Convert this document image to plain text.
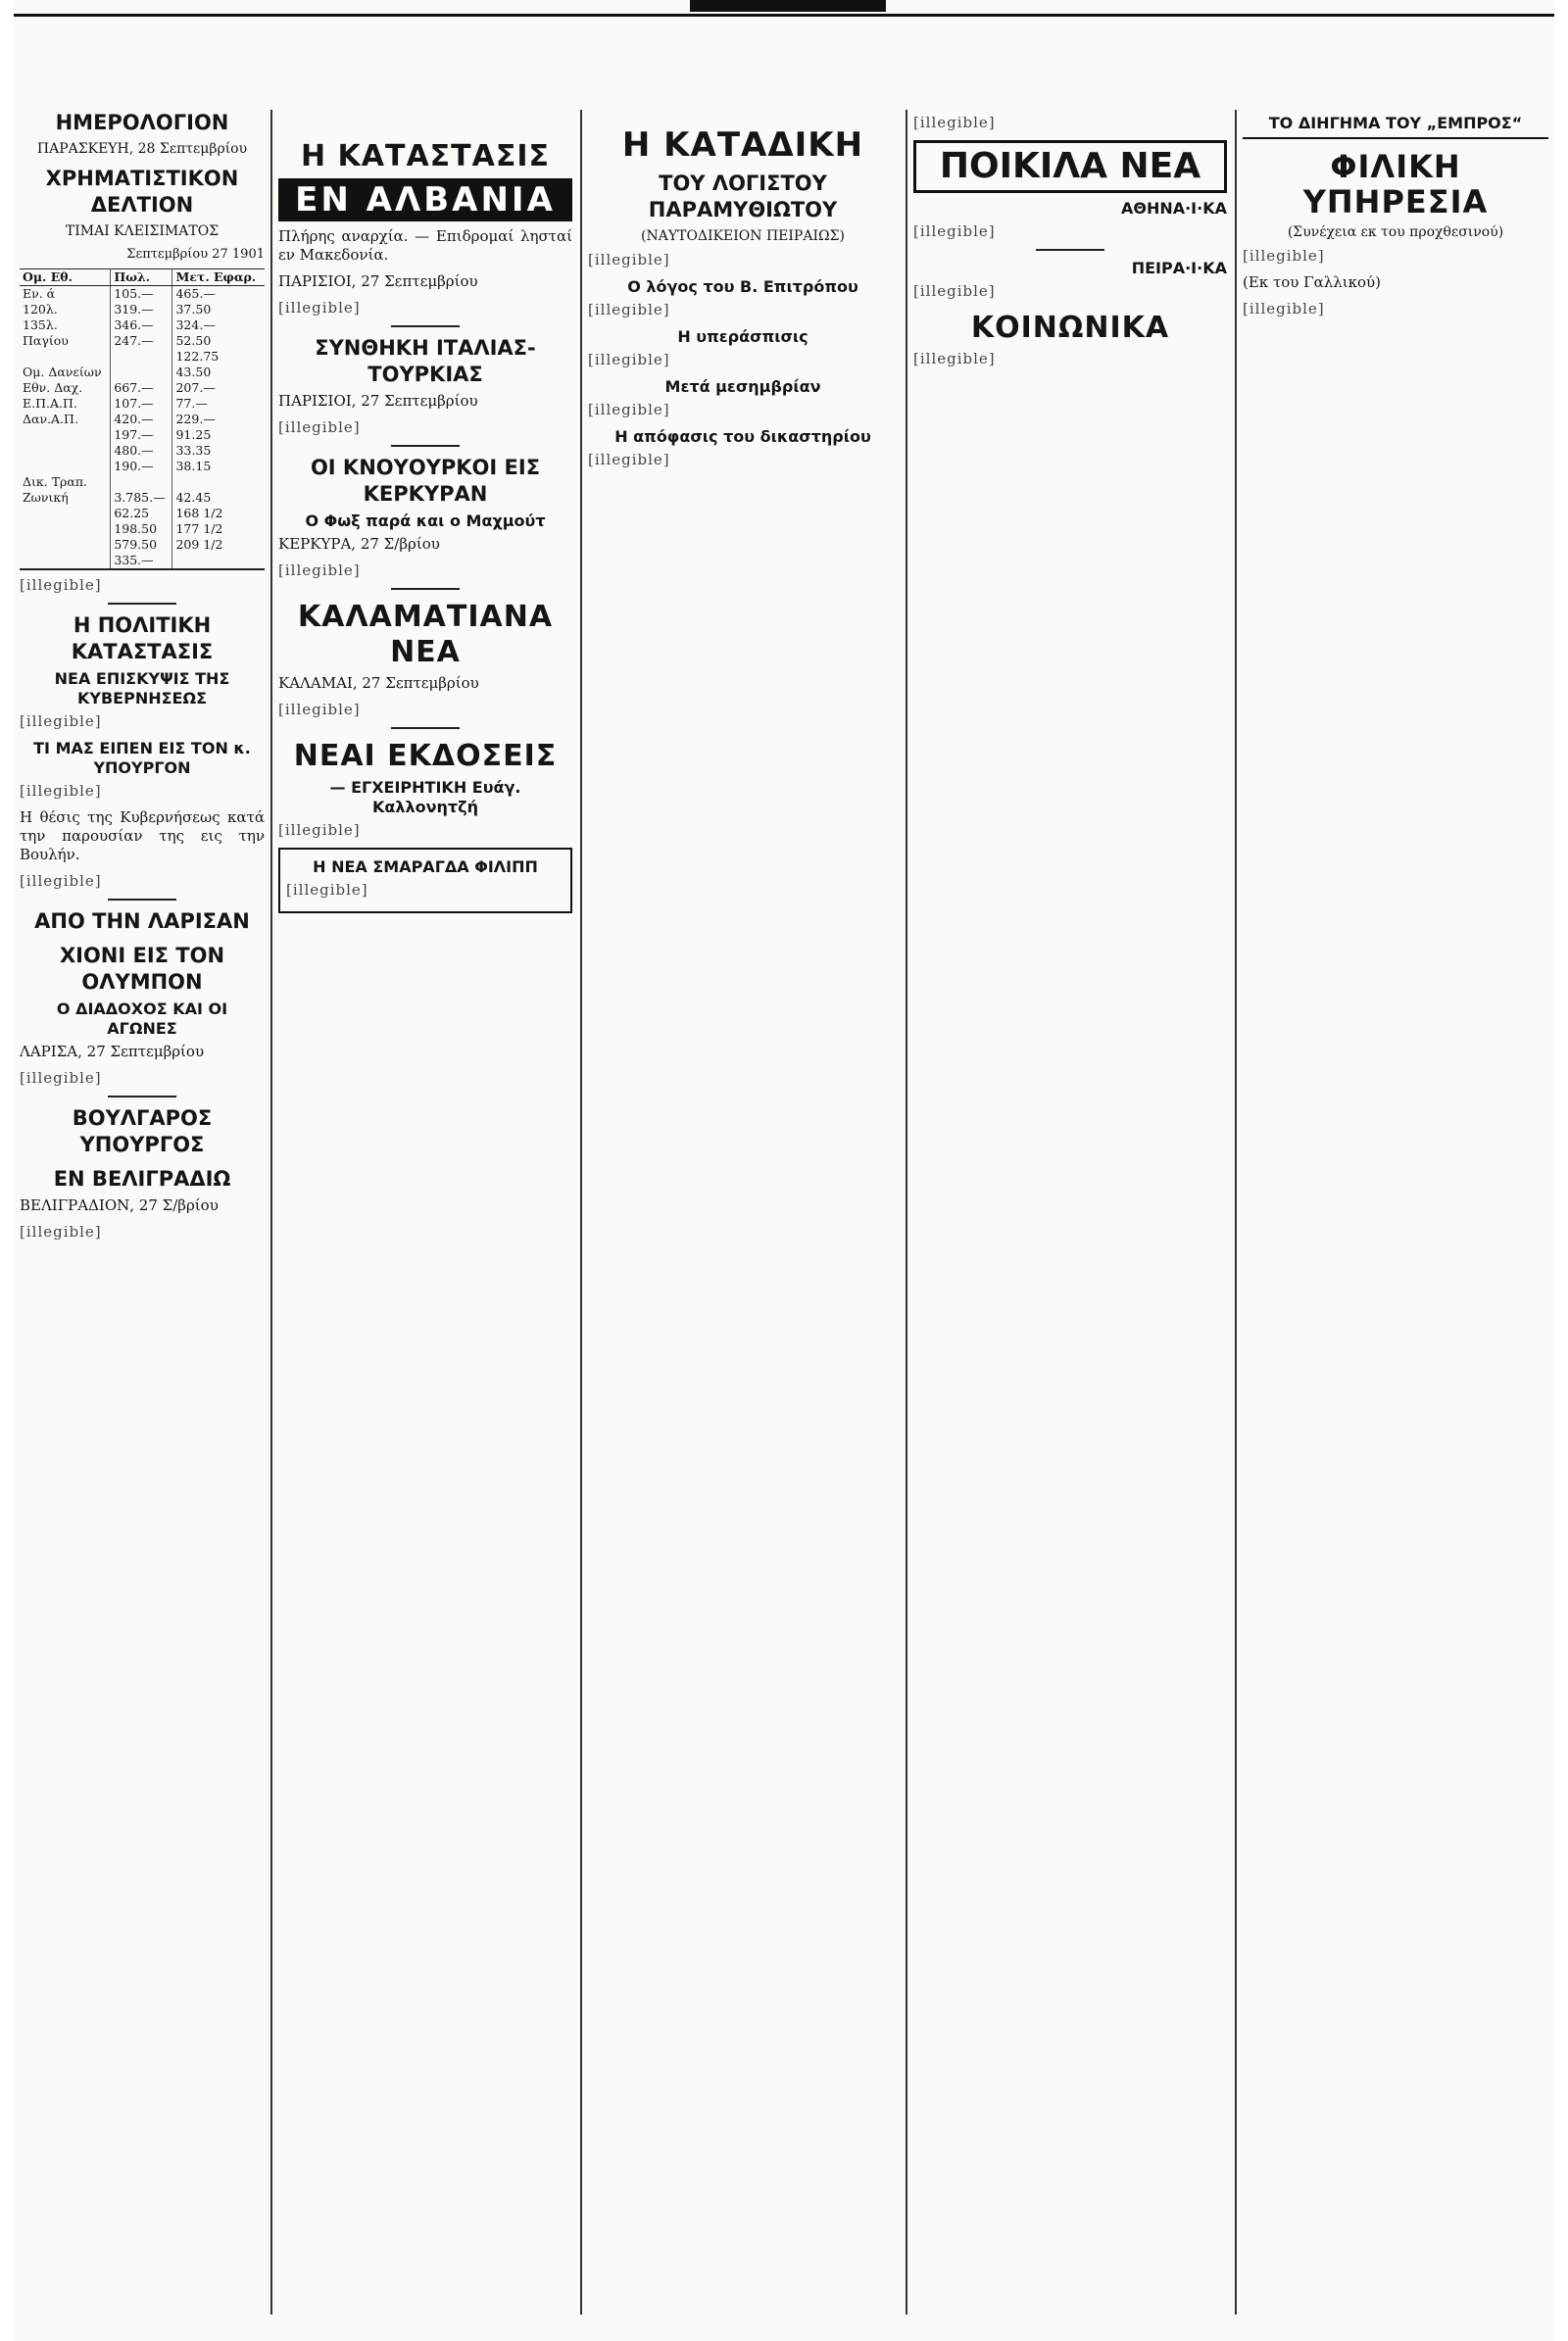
ΗΜΕΡΟΛΟΓΙΟΝ
ΠΑΡΑΣΚΕΥΗ, 28 Σεπτεμβρίου
ΧΡΗΜΑΤΙΣΤΙΚΟΝ ΔΕΛΤΙΟΝ
ΤΙΜΑΙ ΚΛΕΙΣΙΜΑΤΟΣ
Σεπτεμβρίου 27 1901
Ομ. Εθ.	Πωλ.	Μετ. Εφαρ.
Εν. ά	105.—	465.—
120λ.	319.—	37.50
135λ.	346.—	324.—
Παγίου	247.—	52.50
		122.75
Ομ. Δανείων		43.50
Εθν. Δαχ.	667.—	207.—
Ε.Π.Α.Π.	107.—	77.—
Δαν.Α.Π.	420.—	229.—
	197.—	91.25
	480.—	33.35
	190.—	38.15
Δικ. Τραπ.		
Ζωνική	3.785.—	42.45
	62.25	168 1/2
	198.50	177 1/2
	579.50	209 1/2
	335.—	

[illegible]

Η ΠΟΛΙΤΙΚΗ ΚΑΤΑΣΤΑΣΙΣ
ΝΕΑ ΕΠΙΣΚΥΨΙΣ ΤΗΣ ΚΥΒΕΡΝΗΣΕΩΣ

[illegible]

ΤΙ ΜΑΣ ΕΙΠΕΝ ΕΙΣ ΤΟΝ κ. ΥΠΟΥΡΓΟΝ

[illegible]

Η θέσις της Κυβερνήσεως κατά την παρουσίαν της εις την Βουλήν.

[illegible]

ΑΠΟ ΤΗΝ ΛΑΡΙΣΑΝ
ΧΙΟΝΙ ΕΙΣ ΤΟΝ ΟΛΥΜΠΟΝ
Ο ΔΙΑΔΟΧΟΣ ΚΑΙ ΟΙ ΑΓΩΝΕΣ

ΛΑΡΙΣΑ, 27 Σεπτεμβρίου

[illegible]

ΒΟΥΛΓΑΡΟΣ ΥΠΟΥΡΓΟΣ
ΕΝ ΒΕΛΙΓΡΑΔΙΩ

ΒΕΛΙΓΡΑΔΙΟΝ, 27 Σ/βρίου

[illegible]

Η ΚΑΤΑΣΤΑΣΙΣ
ΕΝ ΑΛΒΑΝΙΑ

Πλήρης αναρχία. — Επιδρομαί λησταί εν Μακεδονία.

ΠΑΡΙΣΙΟΙ, 27 Σεπτεμβρίου

[illegible]

ΣΥΝΘΗΚΗ ΙΤΑΛΙΑΣ-ΤΟΥΡΚΙΑΣ

ΠΑΡΙΣΙΟΙ, 27 Σεπτεμβρίου

[illegible]

ΟΙ ΚΝΟΥΟΥΡΚΟΙ ΕΙΣ ΚΕΡΚΥΡΑΝ
Ο Φωξ παρά και ο Μαχμούτ

ΚΕΡΚΥΡΑ, 27 Σ/βρίου

[illegible]

ΚΑΛΑΜΑΤΙΑΝΑ ΝΕΑ

ΚΑΛΑΜΑΙ, 27 Σεπτεμβρίου

[illegible]

ΝΕΑΙ ΕΚΔΟΣΕΙΣ
— ΕΓΧΕΙΡΗΤΙΚΗ Ευάγ. Καλλονητζή

[illegible]

Η ΝΕΑ ΣΜΑΡΑΓΔΑ ΦΙΛΙΠΠ

[illegible]

Η ΚΑΤΑΔΙΚΗ
ΤΟΥ ΛΟΓΙΣΤΟΥ ΠΑΡΑΜΥΘΙΩΤΟΥ
(ΝΑΥΤΟΔΙΚΕΙΟΝ ΠΕΙΡΑΙΩΣ)

[illegible]

Ο λόγος του Β. Επιτρόπου

[illegible]

Η υπεράσπισις

[illegible]

Μετά μεσημβρίαν

[illegible]

Η απόφασις του δικαστηρίου

[illegible]

[illegible]

ΠΟΙΚΙΛΑ ΝΕΑ
ΑΘΗΝΑ·Ι·ΚΑ

[illegible]

ΠΕΙΡΑ·Ι·ΚΑ

[illegible]

ΚΟΙΝΩΝΙΚΑ

[illegible]

ΤΟ ΔΙΗΓΗΜΑ ΤΟΥ „ΕΜΠΡΟΣ“
ΦΙΛΙΚΗ ΥΠΗΡΕΣΙΑ
(Συνέχεια εκ του προχθεσινού)

[illegible]

(Εκ του Γαλλικού)

[illegible]
